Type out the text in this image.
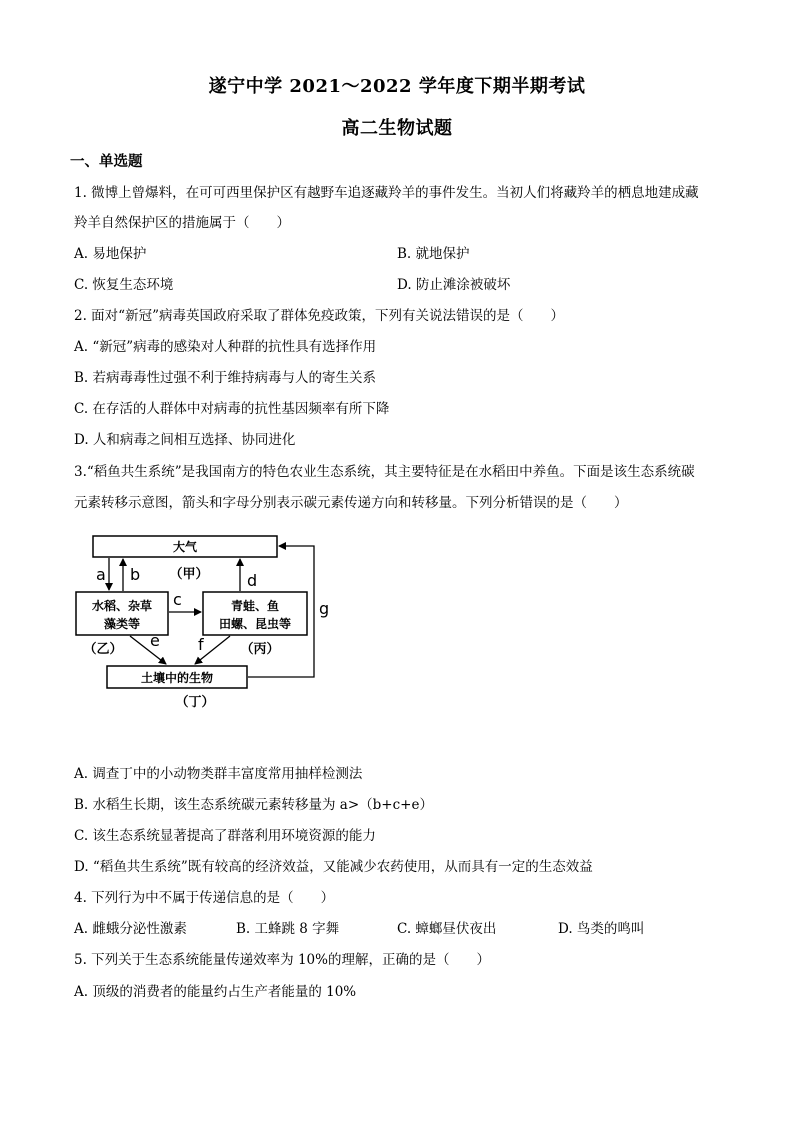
遂宁中学 2021～2022 学年度下期半期考试
高二生物试题
一、单选题
1. 微博上曾爆料，在可可西里保护区有越野车追逐藏羚羊的事件发生。当初人们将藏羚羊的栖息地建成藏
羚羊自然保护区的措施属于（　　）
A. 易地保护	B. 就地保护
C. 恢复生态环境	D. 防止滩涂被破坏
2. 面对“新冠”病毒英国政府采取了群体免疫政策，下列有关说法错误的是（　　）
A. “新冠”病毒的感染对人种群的抗性具有选择作用
B. 若病毒毒性过强不利于维持病毒与人的寄生关系
C. 在存活的人群体中对病毒的抗性基因频率有所下降
D. 人和病毒之间相互选择、协同进化
3.“稻鱼共生系统”是我国南方的特色农业生态系统，其主要特征是在水稻田中养鱼。下面是该生态系统碳
元素转移示意图，箭头和字母分别表示碳元素传递方向和转移量。下列分析错误的是（　　）
大气
（甲）
水稻、杂草
藻类等
（乙）
青蛙、鱼
田螺、昆虫等
（丙）
土壤中的生物
（丁）
a b
c
d
e f
g
A. 调查丁中的小动物类群丰富度常用抽样检测法
B. 水稻生长期，该生态系统碳元素转移量为 a>（b+c+e）
C. 该生态系统显著提高了群落利用环境资源的能力
D. “稻鱼共生系统”既有较高的经济效益，又能减少农药使用，从而具有一定的生态效益
4. 下列行为中不属于传递信息的是（　　）
A. 雌蛾分泌性激素	B. 工蜂跳 8 字舞	C. 蟑螂昼伏夜出	D. 鸟类的鸣叫
5. 下列关于生态系统能量传递效率为 10%的理解，正确的是（　　）
A. 顶级的消费者的能量约占生产者能量的 10%
